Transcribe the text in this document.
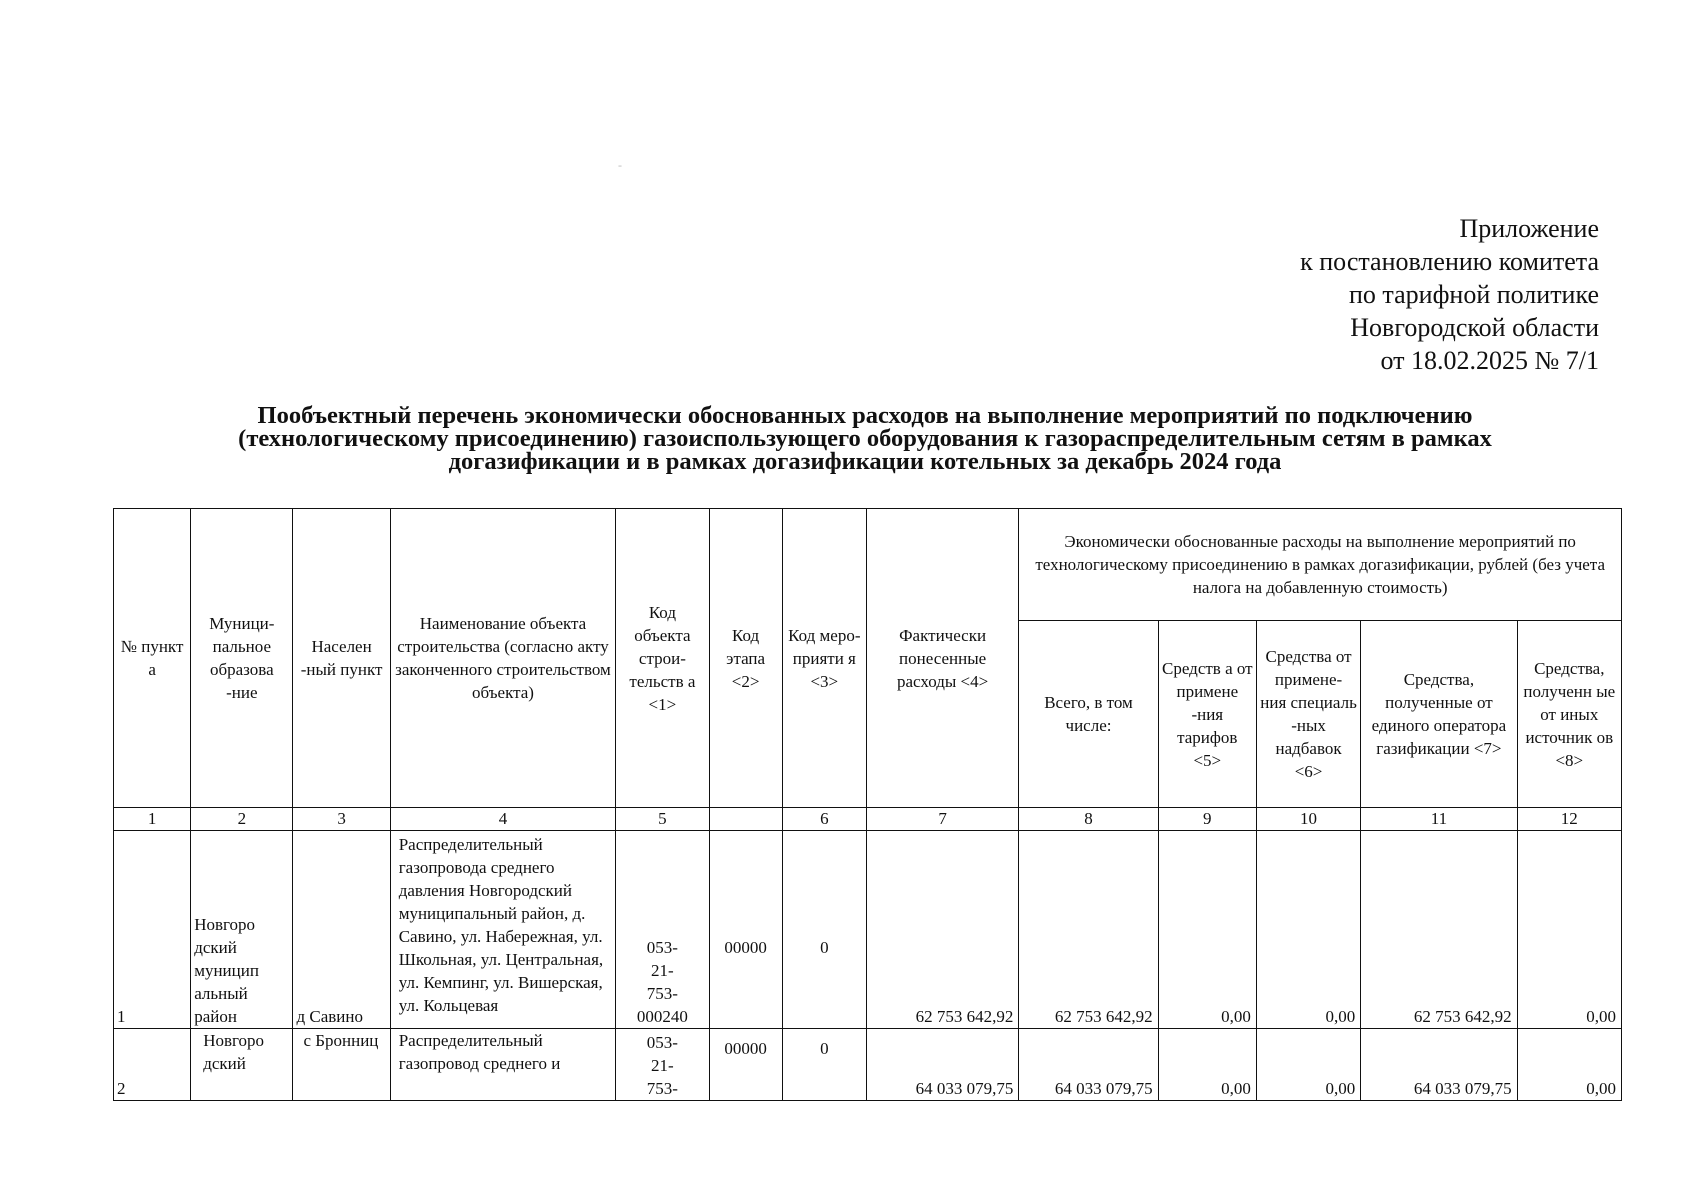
-
Приложение
к постановлению комитета
по тарифной политике
Новгородской области
от 18.02.2025 № 7/1
Пообъектный перечень экономически обоснованных расходов на выполнение мероприятий по подключению
(технологическому присоединению) газоиспользующего оборудования к газораспределительным сетям в рамках
догазификации и в рамках догазификации котельных за декабрь 2024 года
№ пункт а	Муници- пальное образова -ние	Населен -ный пункт	Наименование объекта строительства (согласно акту законченного строительством объекта)	Код объекта строи- тельств а <1>	Код этапа <2>	Код меро- прияти я <3>	Фактически понесенные расходы <4>	Экономически обоснованные расходы на выполнение мероприятий по технологическому присоединению в рамках догазификации, рублей (без учета налога на добавленную стоимость)				
								Всего, в том числе:	Средств а от примене -ния тарифов <5>	Средства от примене- ния специаль -ных надбавок <6>	Средства, полученные от единого оператора газификации <7>	Средства, полученн ые от иных источник ов <8>
1	2	3	4	5		6	7	8	9	10	11	12
1	Новгоро дский муницип альный район	д Савино	Распределительный газопровода среднего давления Новгородский муниципальный район, д. Савино, ул. Набережная, ул. Школьная, ул. Центральная, ул. Кемпинг, ул. Вишерская, ул. Кольцевая	053-21-753-000240	00000	0	62 753 642,92	62 753 642,92	0,00	0,00	62 753 642,92	0,00
2	Новгоро дский	с Бронниц	Распределительный газопровод среднего и	053-21-753-	00000	0	64 033 079,75	64 033 079,75	0,00	0,00	64 033 079,75	0,00
